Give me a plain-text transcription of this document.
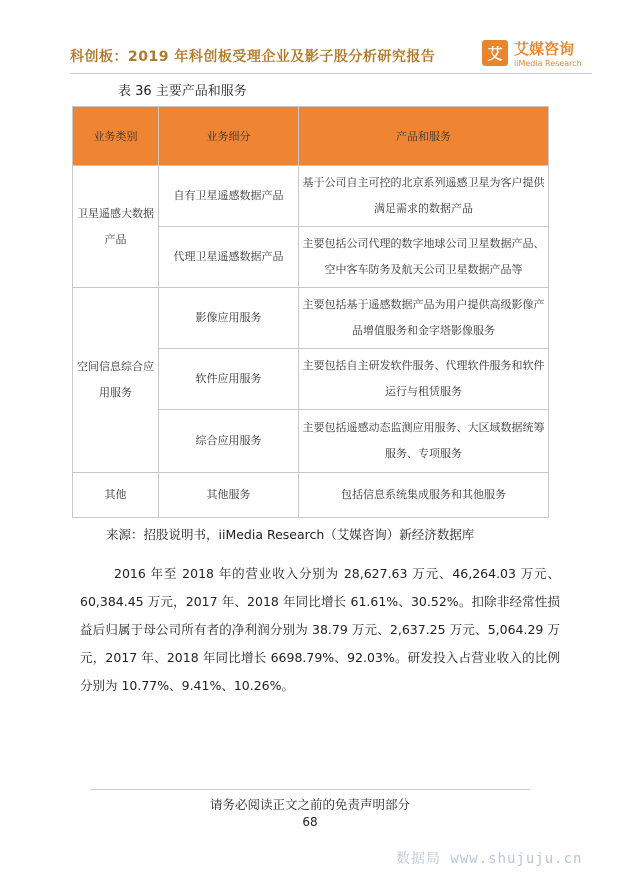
科创板：2019 年科创板受理企业及影子股分析研究报告	艾 艾媒咨询
iiMedia Research
表 36 主要产品和服务
业务类别	业务细分	产品和服务
卫星遥感大数据产品	自有卫星遥感数据产品	基于公司自主可控的北京系列遥感卫星为客户提供满足需求的数据产品
	代理卫星遥感数据产品	主要包括公司代理的数字地球公司卫星数据产品、空中客车防务及航天公司卫星数据产品等
空间信息综合应用服务	影像应用服务	主要包括基于遥感数据产品为用户提供高级影像产品增值服务和金字塔影像服务
	软件应用服务	主要包括自主研发软件服务、代理软件服务和软件运行与租赁服务
	综合应用服务	主要包括遥感动态监测应用服务、大区域数据统筹服务、专项服务
其他	其他服务	包括信息系统集成服务和其他服务
来源：招股说明书，iiMedia Research（艾媒咨询）新经济数据库
2016 年至 2018 年的营业收入分别为 28,627.63 万元、46,264.03 万元、60,384.45 万元，2017 年、2018 年同比增长 61.61%、30.52%。扣除非经常性损益后归属于母公司所有者的净利润分别为 38.79 万元、2,637.25 万元、5,064.29 万元，2017 年、2018 年同比增长 6698.79%、92.03%。研发投入占营业收入的比例分别为 10.77%、9.41%、10.26%。
请务必阅读正文之前的免责声明部分
68
数据局 www.shujuju.cn
